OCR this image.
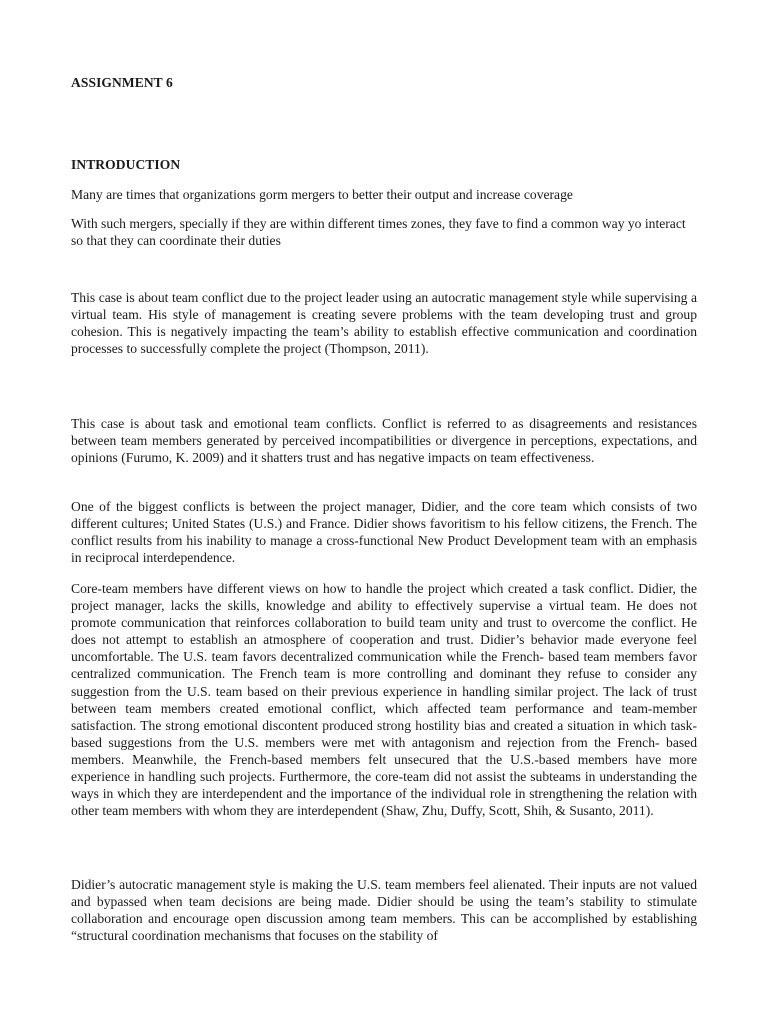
ASSIGNMENT 6
INTRODUCTION

Many are times that organizations gorm mergers to better their output and increase coverage

With such mergers, specially if they are within different times zones, they fave to find a common way yo interact so that they can coordinate their duties

This case is about team conflict due to the project leader using an autocratic management style while supervising a virtual team. His style of management is creating severe problems with the team developing trust and group cohesion. This is negatively impacting the team’s ability to establish effective communication and coordination processes to successfully complete the project (Thompson, 2011).

This case is about task and emotional team conflicts. Conflict is referred to as disagreements and resistances between team members generated by perceived incompatibilities or divergence in perceptions, expectations, and opinions (Furumo, K. 2009) and it shatters trust and has negative impacts on team effectiveness.

One of the biggest conflicts is between the project manager, Didier, and the core team which consists of two different cultures; United States (U.S.) and France. Didier shows favoritism to his fellow citizens, the French. The conflict results from his inability to manage a cross-functional New Product Development team with an emphasis in reciprocal interdependence.

Core-team members have different views on how to handle the project which created a task conflict. Didier, the project manager, lacks the skills, knowledge and ability to effectively supervise a virtual team. He does not promote communication that reinforces collaboration to build team unity and trust to overcome the conflict. He does not attempt to establish an atmosphere of cooperation and trust. Didier’s behavior made everyone feel uncomfortable. The U.S. team favors decentralized communication while the French- based team members favor centralized communication. The French team is more controlling and dominant they refuse to consider any suggestion from the U.S. team based on their previous experience in handling similar project. The lack of trust between team members created emotional conflict, which affected team performance and team-member satisfaction. The strong emotional discontent produced strong hostility bias and created a situation in which task-based suggestions from the U.S. members were met with antagonism and rejection from the French- based members. Meanwhile, the French-based members felt unsecured that the U.S.-based members have more experience in handling such projects. Furthermore, the core-team did not assist the subteams in understanding the ways in which they are interdependent and the importance of the individual role in strengthening the relation with other team members with whom they are interdependent (Shaw, Zhu, Duffy, Scott, Shih, & Susanto, 2011).

Didier’s autocratic management style is making the U.S. team members feel alienated. Their inputs are not valued and bypassed when team decisions are being made. Didier should be using the team’s stability to stimulate collaboration and encourage open discussion among team members. This can be accomplished by establishing “structural coordination mechanisms that focuses on the stability of
